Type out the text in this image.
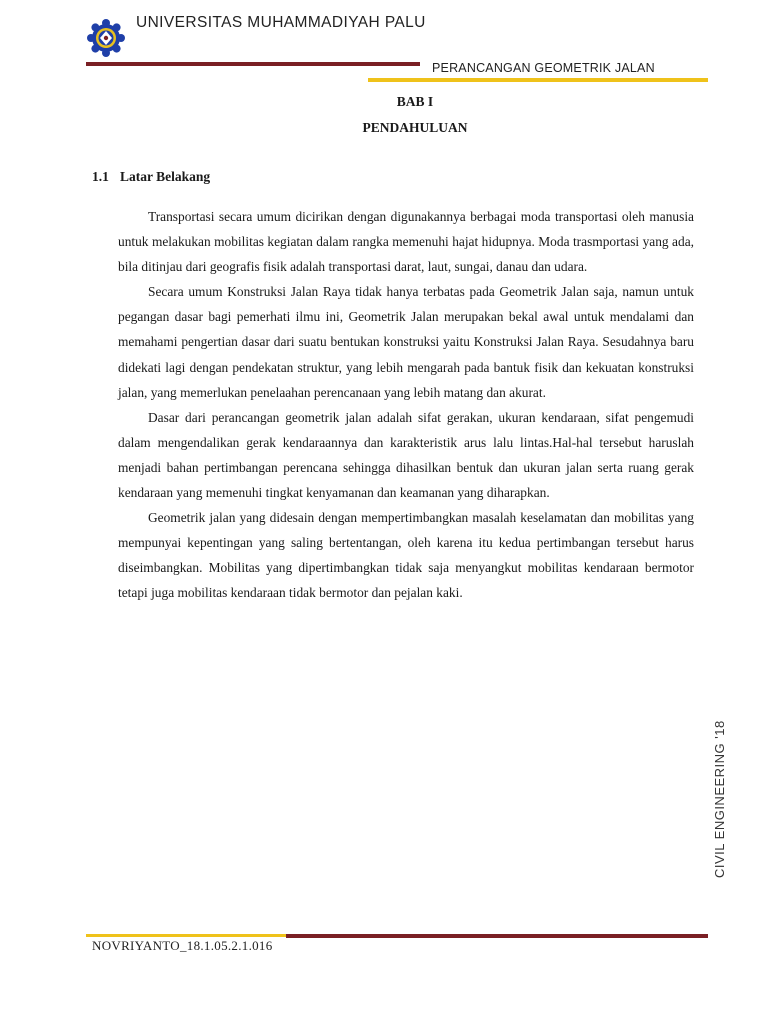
UNIVERSITAS MUHAMMADIYAH PALU
PERANCANGAN GEOMETRIK JALAN
BAB I
PENDAHULUAN
1.1 Latar Belakang

Transportasi secara umum dicirikan dengan digunakannya berbagai moda transportasi oleh manusia untuk melakukan mobilitas kegiatan dalam rangka memenuhi hajat hidupnya. Moda trasmportasi yang ada, bila ditinjau dari geografis fisik adalah transportasi darat, laut, sungai, danau dan udara.

Secara umum Konstruksi Jalan Raya tidak hanya terbatas pada Geometrik Jalan saja, namun untuk pegangan dasar bagi pemerhati ilmu ini, Geometrik Jalan merupakan bekal awal untuk mendalami dan memahami pengertian dasar dari suatu bentukan konstruksi yaitu Konstruksi Jalan Raya. Sesudahnya baru didekati lagi dengan pendekatan struktur, yang lebih mengarah pada bantuk fisik dan kekuatan konstruksi jalan, yang memerlukan penelaahan perencanaan yang lebih matang dan akurat.

Dasar dari perancangan geometrik jalan adalah sifat gerakan, ukuran kendaraan, sifat pengemudi dalam mengendalikan gerak kendaraannya dan karakteristik arus lalu lintas.Hal-hal tersebut haruslah menjadi bahan pertimbangan perencana sehingga dihasilkan bentuk dan ukuran jalan serta ruang gerak kendaraan yang memenuhi tingkat kenyamanan dan keamanan yang diharapkan.

Geometrik jalan yang didesain dengan mempertimbangkan masalah keselamatan dan mobilitas yang mempunyai kepentingan yang saling bertentangan, oleh karena itu kedua pertimbangan tersebut harus diseimbangkan. Mobilitas yang dipertimbangkan tidak saja menyangkut mobilitas kendaraan bermotor tetapi juga mobilitas kendaraan tidak bermotor dan pejalan kaki.

CIVIL ENGINEERING '18
NOVRIYANTO_18.1.05.2.1.016
